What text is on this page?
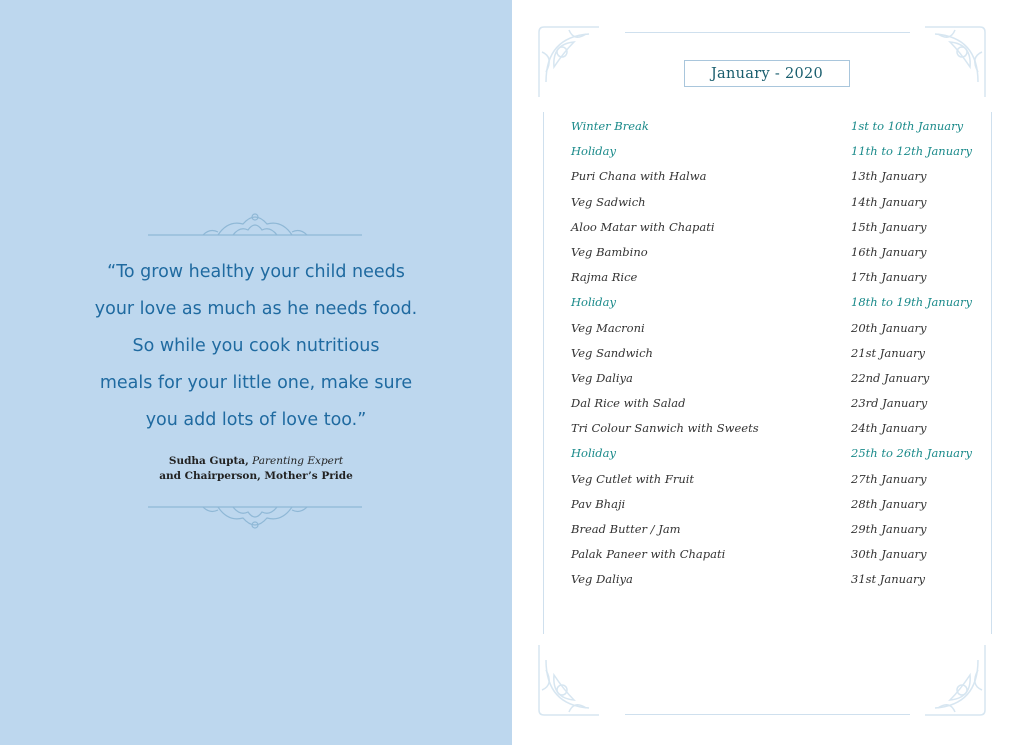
“To grow healthy your child needs
your love as much as he needs food.
So while you cook nutritious
meals for your little one, make sure
you add lots of love too.”
Sudha Gupta, Parenting Expert
and Chairperson, Mother’s Pride
January - 2020
Winter Break	1st to 10th January
Holiday	11th to 12th January
Puri Chana with Halwa	13th January
Veg Sadwich	14th January
Aloo Matar with Chapati	15th January
Veg Bambino	16th January
Rajma Rice	17th January
Holiday	18th to 19th January
Veg Macroni	20th January
Veg Sandwich	21st January
Veg Daliya	22nd January
Dal Rice with Salad	23rd January
Tri Colour Sanwich with Sweets	24th January
Holiday	25th to 26th January
Veg Cutlet with Fruit	27th January
Pav Bhaji	28th January
Bread Butter / Jam	29th January
Palak Paneer with Chapati	30th January
Veg Daliya	31st January
